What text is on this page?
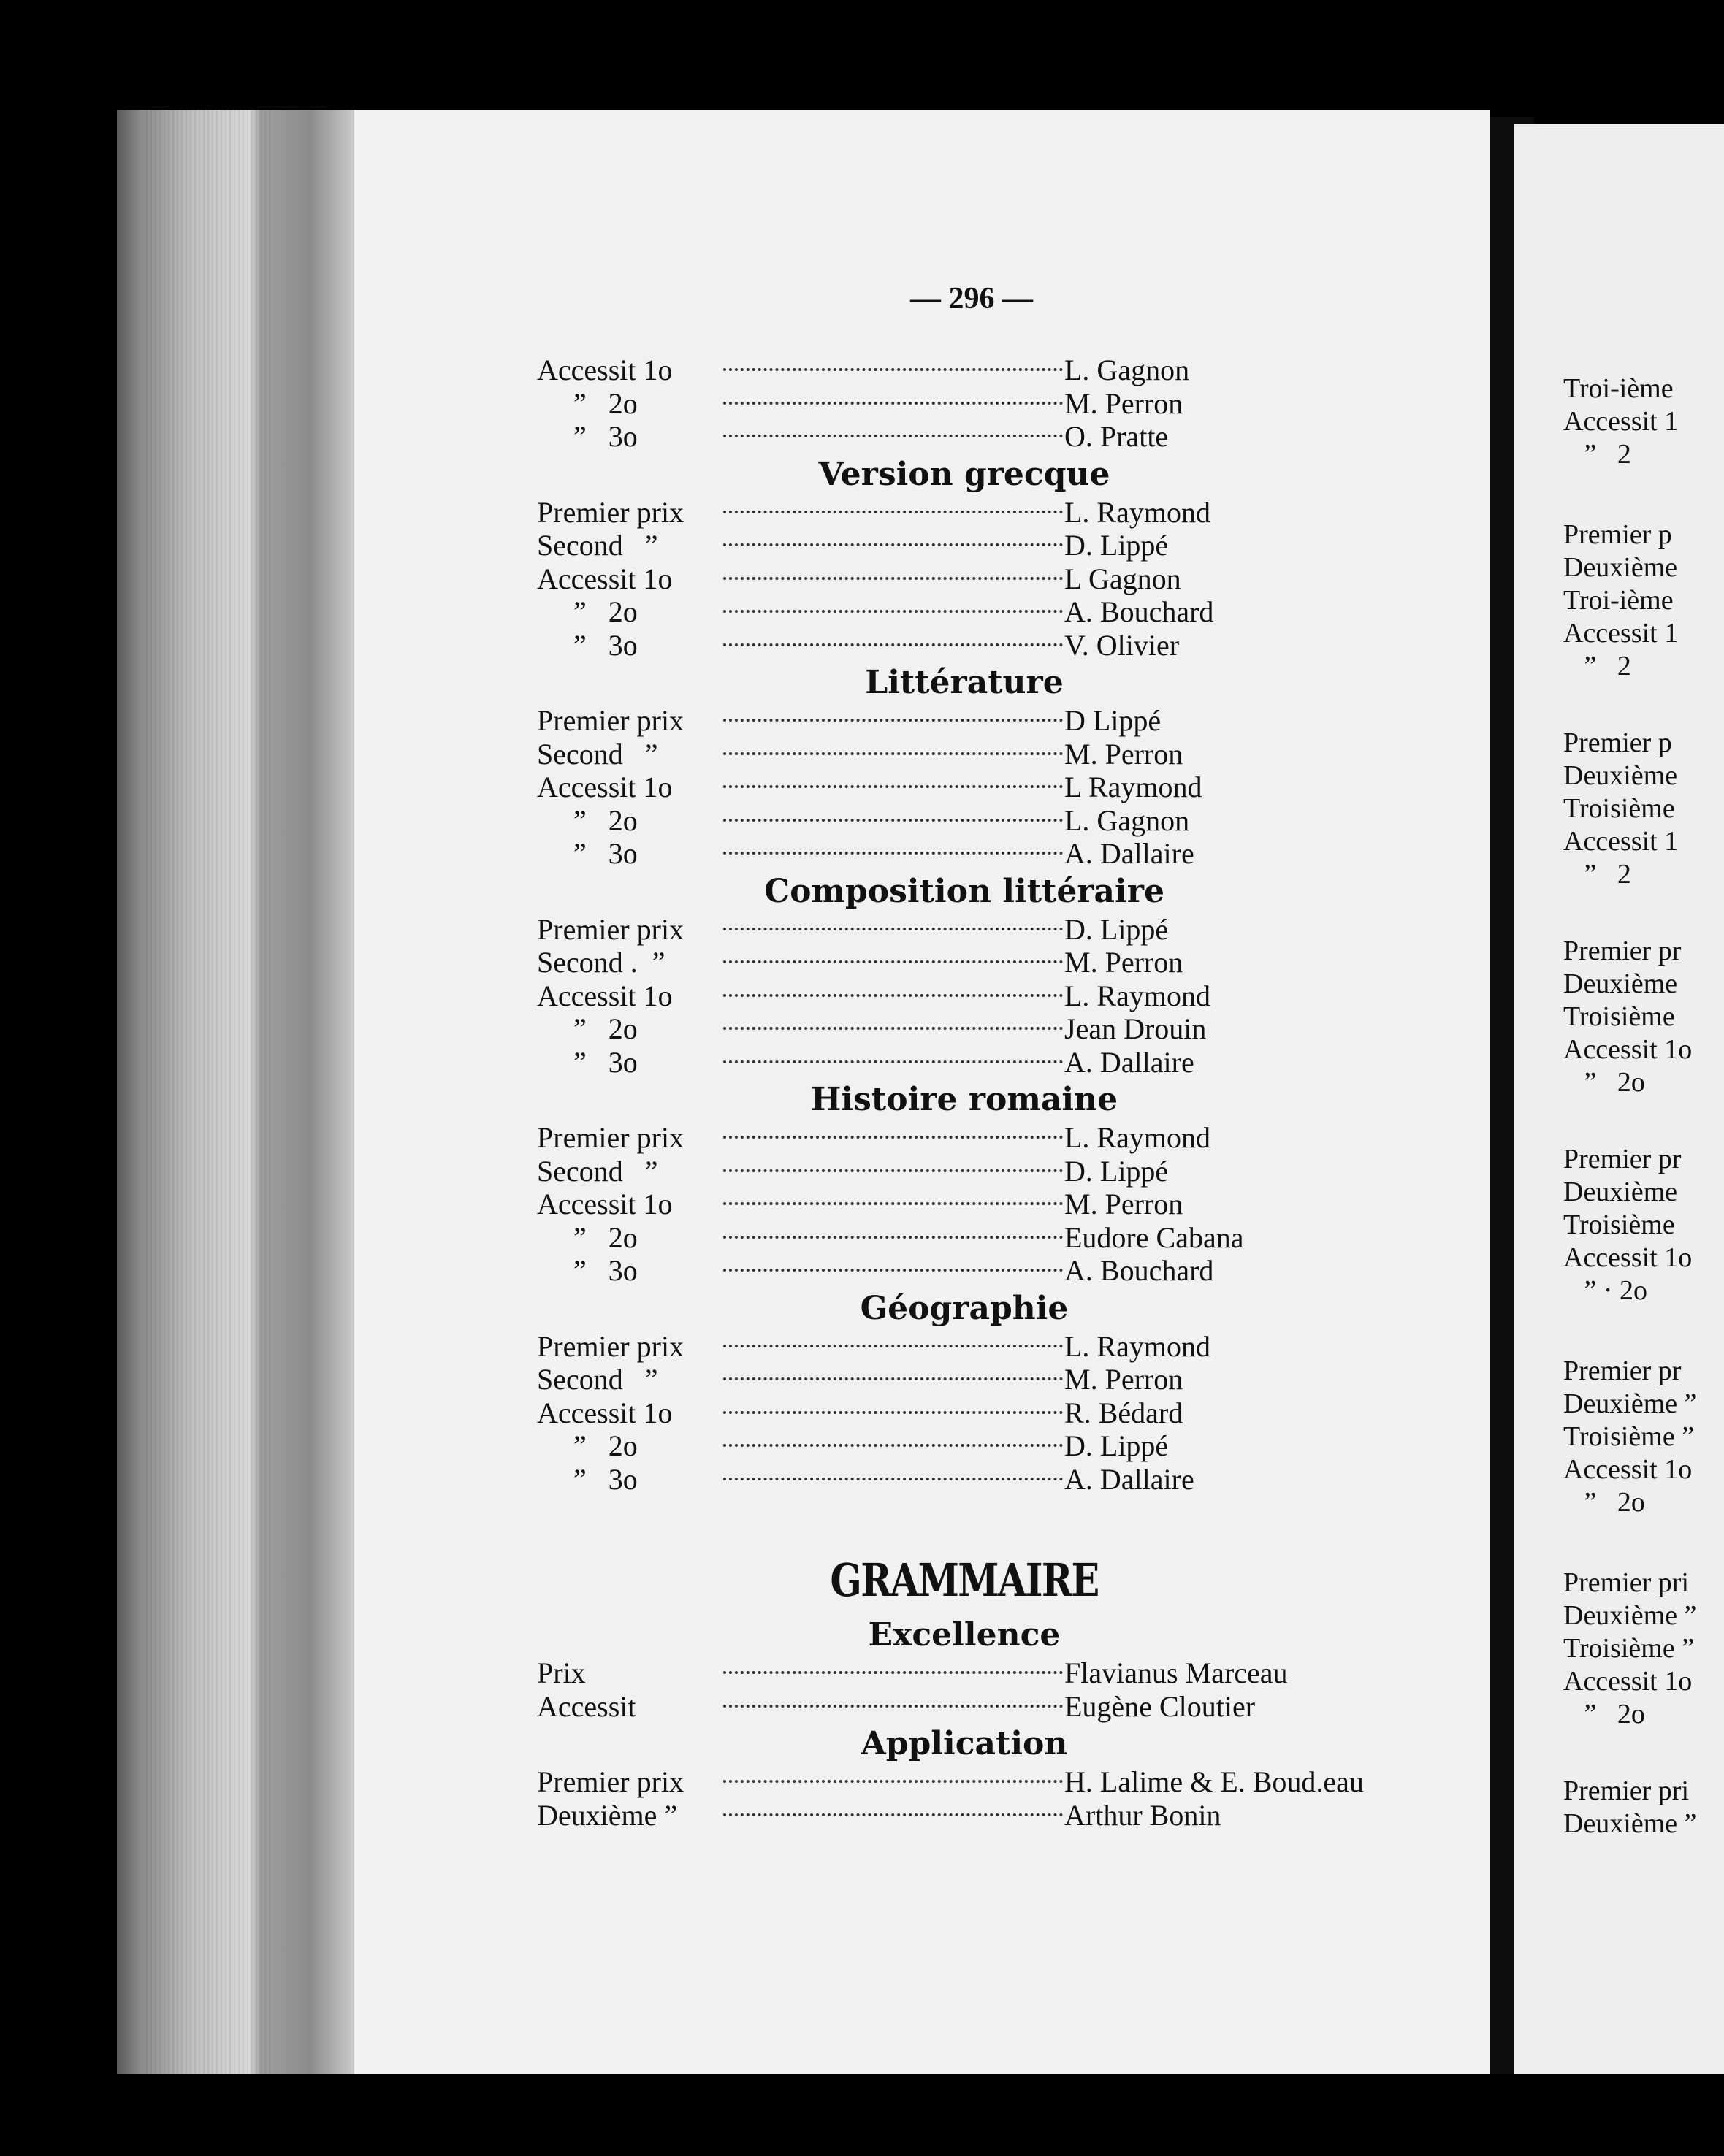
— 296 —
Accessit 1o	L. Gagnon
”   2o	M. Perron
”   3o	O. Pratte
Version grecque
Premier prix	L. Raymond
Second   ”	D. Lippé
Accessit 1o	L Gagnon
”   2o	A. Bouchard
”   3o	V. Olivier
Littérature
Premier prix	D Lippé
Second   ”	M. Perron
Accessit 1o	L Raymond
”   2o	L. Gagnon
”   3o	A. Dallaire
Composition littéraire
Premier prix	D. Lippé
Second .  ”	M. Perron
Accessit 1o	L. Raymond
”   2o	Jean Drouin
”   3o	A. Dallaire
Histoire romaine
Premier prix	L. Raymond
Second   ”	D. Lippé
Accessit 1o	M. Perron
”   2o	Eudore Cabana
”   3o	A. Bouchard
Géographie
Premier prix	L. Raymond
Second   ”	M. Perron
Accessit 1o	R. Bédard
”   2o	D. Lippé
”   3o	A. Dallaire
GRAMMAIRE
Excellence
Prix	Flavianus Marceau
Accessit	Eugène Cloutier
Application
Premier prix	H. Lalime & E. Boud.eau
Deuxième ”	Arthur Bonin
Troi-ième
Accessit 1
”   2
Premier p
Deuxième
Troi-ième
Accessit 1
”   2
Premier p
Deuxième
Troisième
Accessit 1
”   2
Premier pr
Deuxième
Troisième
Accessit 1o
”   2o
Premier pr
Deuxième
Troisième
Accessit 1o
” · 2o
Premier pr
Deuxième ”
Troisième ”
Accessit 1o
”   2o
Premier pri
Deuxième ”
Troisième ”
Accessit 1o
”   2o
Premier pri
Deuxième ”
